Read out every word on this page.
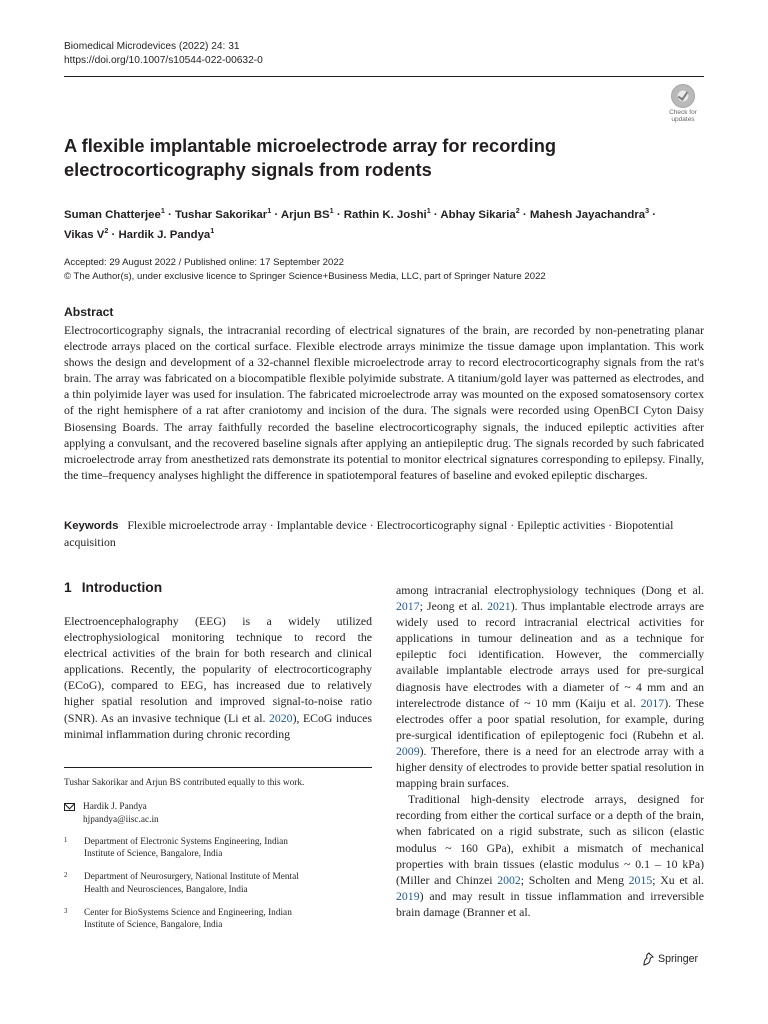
Biomedical Microdevices (2022) 24: 31
https://doi.org/10.1007/s10544-022-00632-0
Check for
updates
A flexible implantable microelectrode array for recording electrocorticography signals from rodents
Suman Chatterjee$^1$ · Tushar Sakorikar$^1$ · Arjun $BS^1$ · Rathin K. Joshi$^1$ · Abhay Sikaria$^2$ · Mahesh Jayachandra$^3$ ·
Vikas $V^2$ · Hardik J. Pandya$^1$
Accepted: 29 August 2022 / Published online: 17 September 2022
© The Author(s), under exclusive licence to Springer Science+Business Media, LLC, part of Springer Nature 2022
Abstract
Electrocorticography signals, the intracranial recording of electrical signatures of the brain, are recorded by non-penetrating planar electrode arrays placed on the cortical surface. Flexible electrode arrays minimize the tissue damage upon implantation. This work shows the design and development of a 32-channel flexible microelectrode array to record electrocorticography signals from the rat's brain. The array was fabricated on a biocompatible flexible polyimide substrate. A titanium/gold layer was patterned as electrodes, and a thin polyimide layer was used for insulation. The fabricated microelectrode array was mounted on the exposed somatosensory cortex of the right hemisphere of a rat after craniotomy and incision of the dura. The signals were recorded using OpenBCI Cyton Daisy Biosensing Boards. The array faithfully recorded the baseline electrocorticography signals, the induced epileptic activities after applying a convulsant, and the recovered baseline signals after applying an antiepileptic drug. The signals recorded by such fabricated microelectrode array from anesthetized rats demonstrate its potential to monitor electrical signatures corresponding to epilepsy. Finally, the time–frequency analyses highlight the difference in spatiotemporal features of baseline and evoked epileptic discharges.
Keywords Flexible microelectrode array · Implantable device · Electrocorticography signal · Epileptic activities · Biopotential acquisition
1 Introduction

Electroencephalography (EEG) is a widely utilized electrophysiological monitoring technique to record the electrical activities of the brain for both research and clinical applications. Recently, the popularity of electrocorticography (ECoG), compared to EEG, has increased due to relatively higher spatial resolution and improved signal-to-noise ratio (SNR). As an invasive technique (Li et al. 2020), ECoG induces minimal inflammation during chronic recording

among intracranial electrophysiology techniques (Dong et al. 2017; Jeong et al. 2021). Thus implantable electrode arrays are widely used to record intracranial electrical activities for applications in tumour delineation and as a technique for epileptic foci identification. However, the commercially available implantable electrode arrays used for pre-surgical diagnosis have electrodes with a diameter of ~ 4 mm and an interelectrode distance of ~ 10 mm (Kaiju et al. 2017). These electrodes offer a poor spatial resolution, for example, during pre-surgical identification of epileptogenic foci (Rubehn et al. 2009). Therefore, there is a need for an electrode array with a higher density of electrodes to provide better spatial resolution in mapping brain surfaces.

Traditional high-density electrode arrays, designed for recording from either the cortical surface or a depth of the brain, when fabricated on a rigid substrate, such as silicon (elastic modulus ~ 160 GPa), exhibit a mismatch of mechanical properties with brain tissues (elastic modulus ~ 0.1 – 10 kPa) (Miller and Chinzei 2002; Scholten and Meng 2015; Xu et al. 2019) and may result in tissue inflammation and irreversible brain damage (Branner et al.

Tushar Sakorikar and Arjun BS contributed equally to this work.
Hardik J. Pandya
hjpandya@iisc.ac.in
1	Department of Electronic Systems Engineering, Indian
Institute of Science, Bangalore, India
2	Department of Neurosurgery, National Institute of Mental
Health and Neurosciences, Bangalore, India
3	Center for BioSystems Science and Engineering, Indian
Institute of Science, Bangalore, India
Springer
